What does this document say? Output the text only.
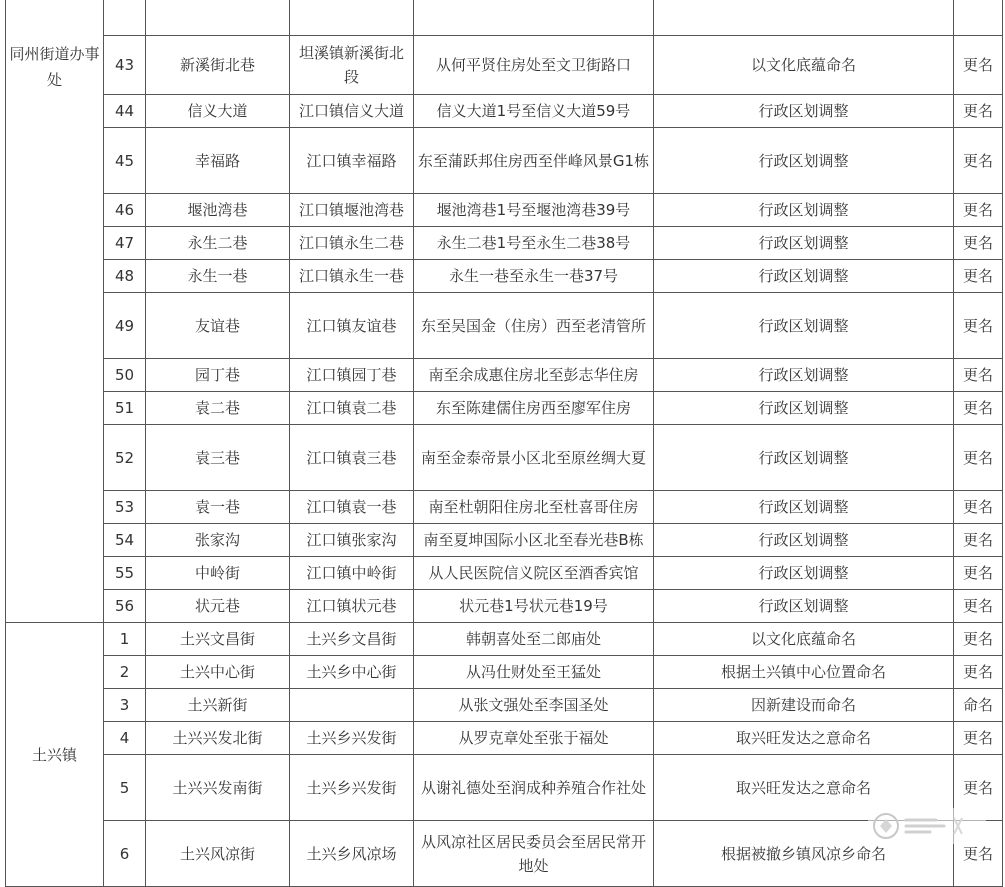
同州街道办事处						
	43	新溪街北巷	坦溪镇新溪街北段	从何平贤住房处至文卫街路口	以文化底蕴命名	更名
	44	信义大道	江口镇信义大道	信义大道1号至信义大道59号	行政区划调整	更名
	45	幸福路	江口镇幸福路	东至蒲跃邦住房西至伴峰风景G1栋	行政区划调整	更名
	46	堰池湾巷	江口镇堰池湾巷	堰池湾巷1号至堰池湾巷39号	行政区划调整	更名
	47	永生二巷	江口镇永生二巷	永生二巷1号至永生二巷38号	行政区划调整	更名
	48	永生一巷	江口镇永生一巷	永生一巷至永生一巷37号	行政区划调整	更名
	49	友谊巷	江口镇友谊巷	东至吴国金（住房）西至老清管所	行政区划调整	更名
	50	园丁巷	江口镇园丁巷	南至余成惠住房北至彭志华住房	行政区划调整	更名
	51	袁二巷	江口镇袁二巷	东至陈建儒住房西至廖军住房	行政区划调整	更名
	52	袁三巷	江口镇袁三巷	南至金泰帝景小区北至原丝绸大夏	行政区划调整	更名
	53	袁一巷	江口镇袁一巷	南至杜朝阳住房北至杜喜哥住房	行政区划调整	更名
	54	张家沟	江口镇张家沟	南至夏坤国际小区北至春光巷B栋	行政区划调整	更名
	55	中岭街	江口镇中岭街	从人民医院信义院区至酒香宾馆	行政区划调整	更名
	56	状元巷	江口镇状元巷	状元巷1号状元巷19号	行政区划调整	更名
土兴镇	1	土兴文昌街	土兴乡文昌街	韩朝喜处至二郎庙处	以文化底蕴命名	更名
	2	土兴中心街	土兴乡中心街	从冯仕财处至王猛处	根据土兴镇中心位置命名	更名
	3	土兴新街		从张文强处至李国圣处	因新建设而命名	命名
	4	土兴兴发北街	土兴乡兴发街	从罗克章处至张于福处	取兴旺发达之意命名	更名
	5	土兴兴发南街	土兴乡兴发街	从谢礼德处至润成种养殖合作社处	取兴旺发达之意命名	更名
	6	土兴风凉街	土兴乡风凉场	从风凉社区居民委员会至居民常开地处	根据被撤乡镇风凉乡命名	更名
